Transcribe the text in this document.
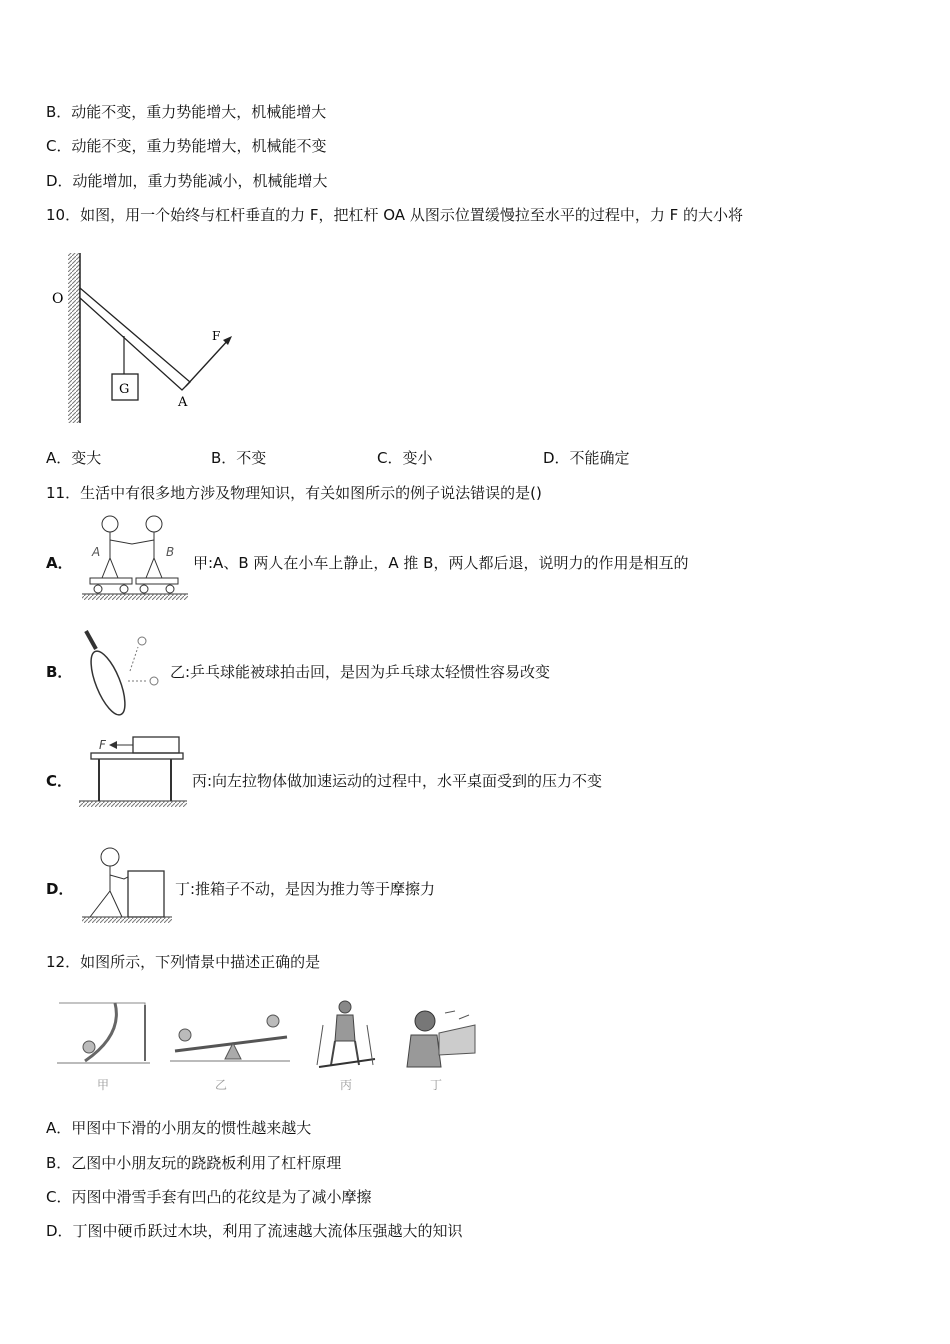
B．动能不变，重力势能增大，机械能增大
C．动能不变，重力势能增大，机械能不变
D．动能增加，重力势能减小，机械能增大
10．如图，用一个始终与杠杆垂直的力 F，把杠杆 OA 从图示位置缓慢拉至水平的过程中，力 F 的大小将
G
O
A
F
A．变大	B．不变	C．变小	D．不能确定
11．生活中有很多地方涉及物理知识，有关如图所示的例子说法错误的是()
A．
A	B
甲:A、B 两人在小车上静止，A 推 B，两人都后退，说明力的作用是相互的
B．	乙:乒乓球能被球拍击回，是因为乒乓球太轻惯性容易改变
C．
F
丙:向左拉物体做加速运动的过程中，水平桌面受到的压力不变
D．	丁:推箱子不动，是因为推力等于摩擦力
12．如图所示，下列情景中描述正确的是
甲	乙	丙	丁
A．甲图中下滑的小朋友的惯性越来越大
B．乙图中小朋友玩的跷跷板利用了杠杆原理
C．丙图中滑雪手套有凹凸的花纹是为了减小摩擦
D．丁图中硬币跃过木块，利用了流速越大流体压强越大的知识
